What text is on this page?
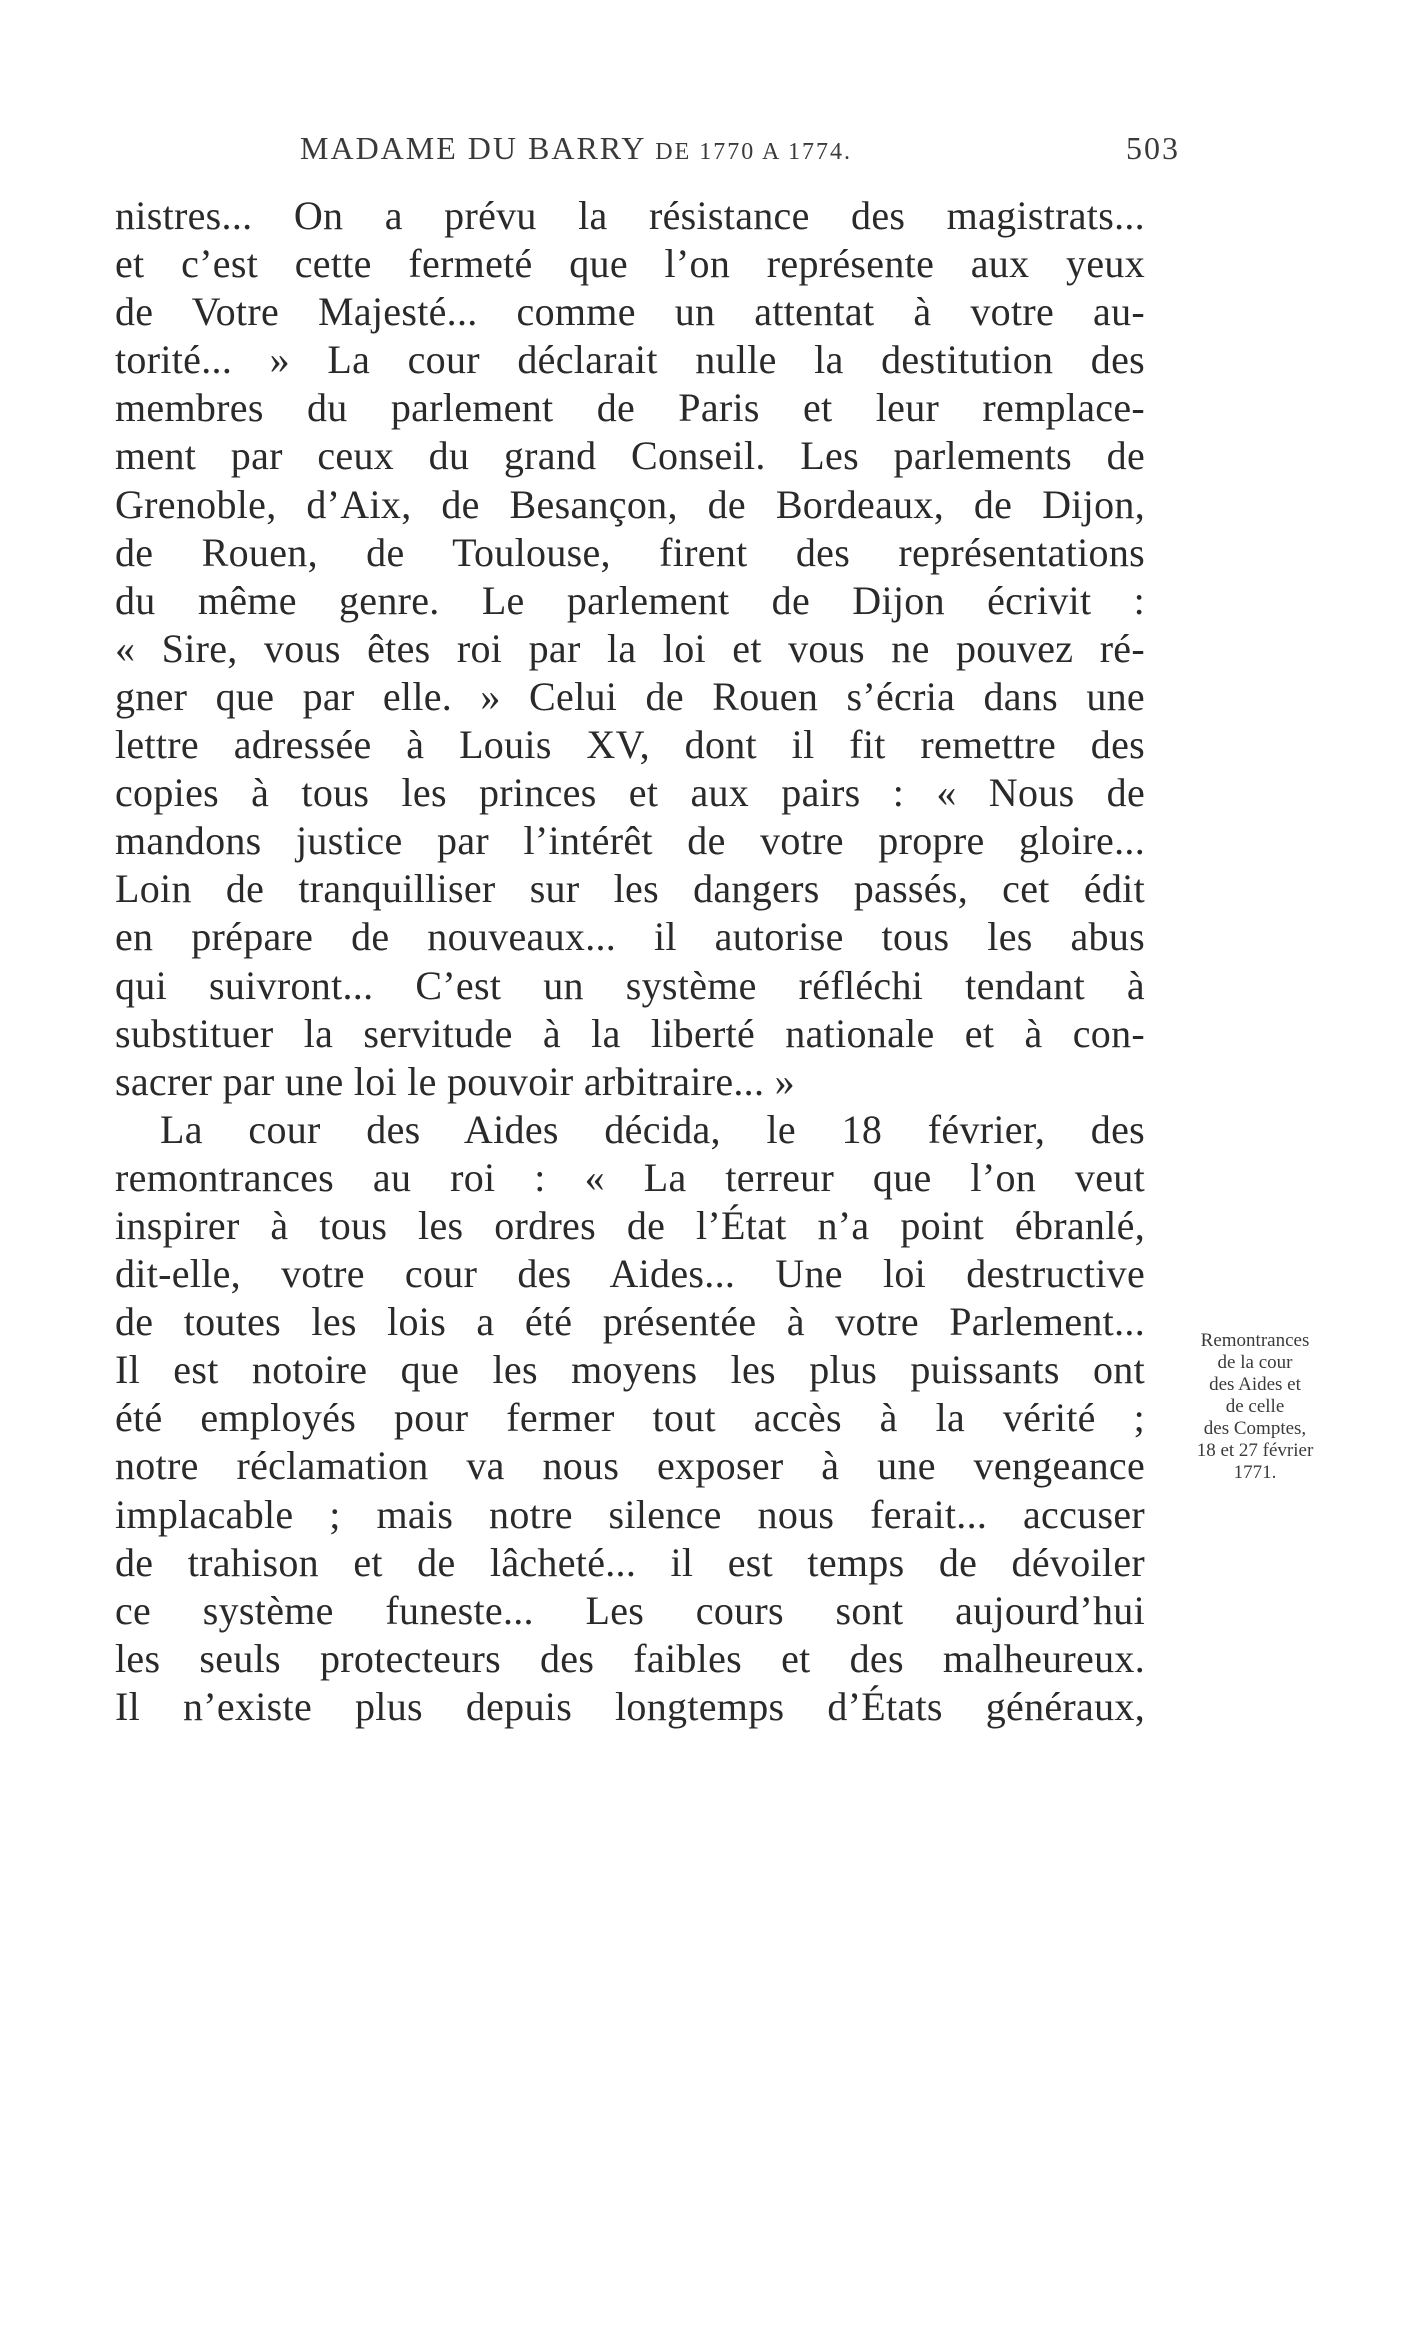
MADAME DU BARRY DE 1770 A 1774.	503
nistres... On a prévu la résistance des magistrats...
et c’est cette fermeté que l’on représente aux yeux
de Votre Majesté... comme un attentat à votre au-
torité... » La cour déclarait nulle la destitution des
membres du parlement de Paris et leur remplace-
ment par ceux du grand Conseil. Les parlements de
Grenoble, d’Aix, de Besançon, de Bordeaux, de Dijon,
de Rouen, de Toulouse, firent des représentations
du même genre. Le parlement de Dijon écrivit :
« Sire, vous êtes roi par la loi et vous ne pouvez ré-
gner que par elle. » Celui de Rouen s’écria dans une
lettre adressée à Louis XV, dont il fit remettre des
copies à tous les princes et aux pairs : « Nous de
mandons justice par l’intérêt de votre propre gloire...
Loin de tranquilliser sur les dangers passés, cet édit
en prépare de nouveaux... il autorise tous les abus
qui suivront... C’est un système réfléchi tendant à
substituer la servitude à la liberté nationale et à con-
sacrer par une loi le pouvoir arbitraire... »
La cour des Aides décida, le 18 février, des
remontrances au roi : « La terreur que l’on veut
inspirer à tous les ordres de l’État n’a point ébranlé,
dit-elle, votre cour des Aides... Une loi destructive
de toutes les lois a été présentée à votre Parlement...
Il est notoire que les moyens les plus puissants ont
été employés pour fermer tout accès à la vérité ;
notre réclamation va nous exposer à une vengeance
implacable ; mais notre silence nous ferait... accuser
de trahison et de lâcheté... il est temps de dévoiler
ce système funeste... Les cours sont aujourd’hui
les seuls protecteurs des faibles et des malheureux.
Il n’existe plus depuis longtemps d’États généraux,
Remontrances
de la cour
des Aides et
de celle
des Comptes,
18 et 27 février
1771.
